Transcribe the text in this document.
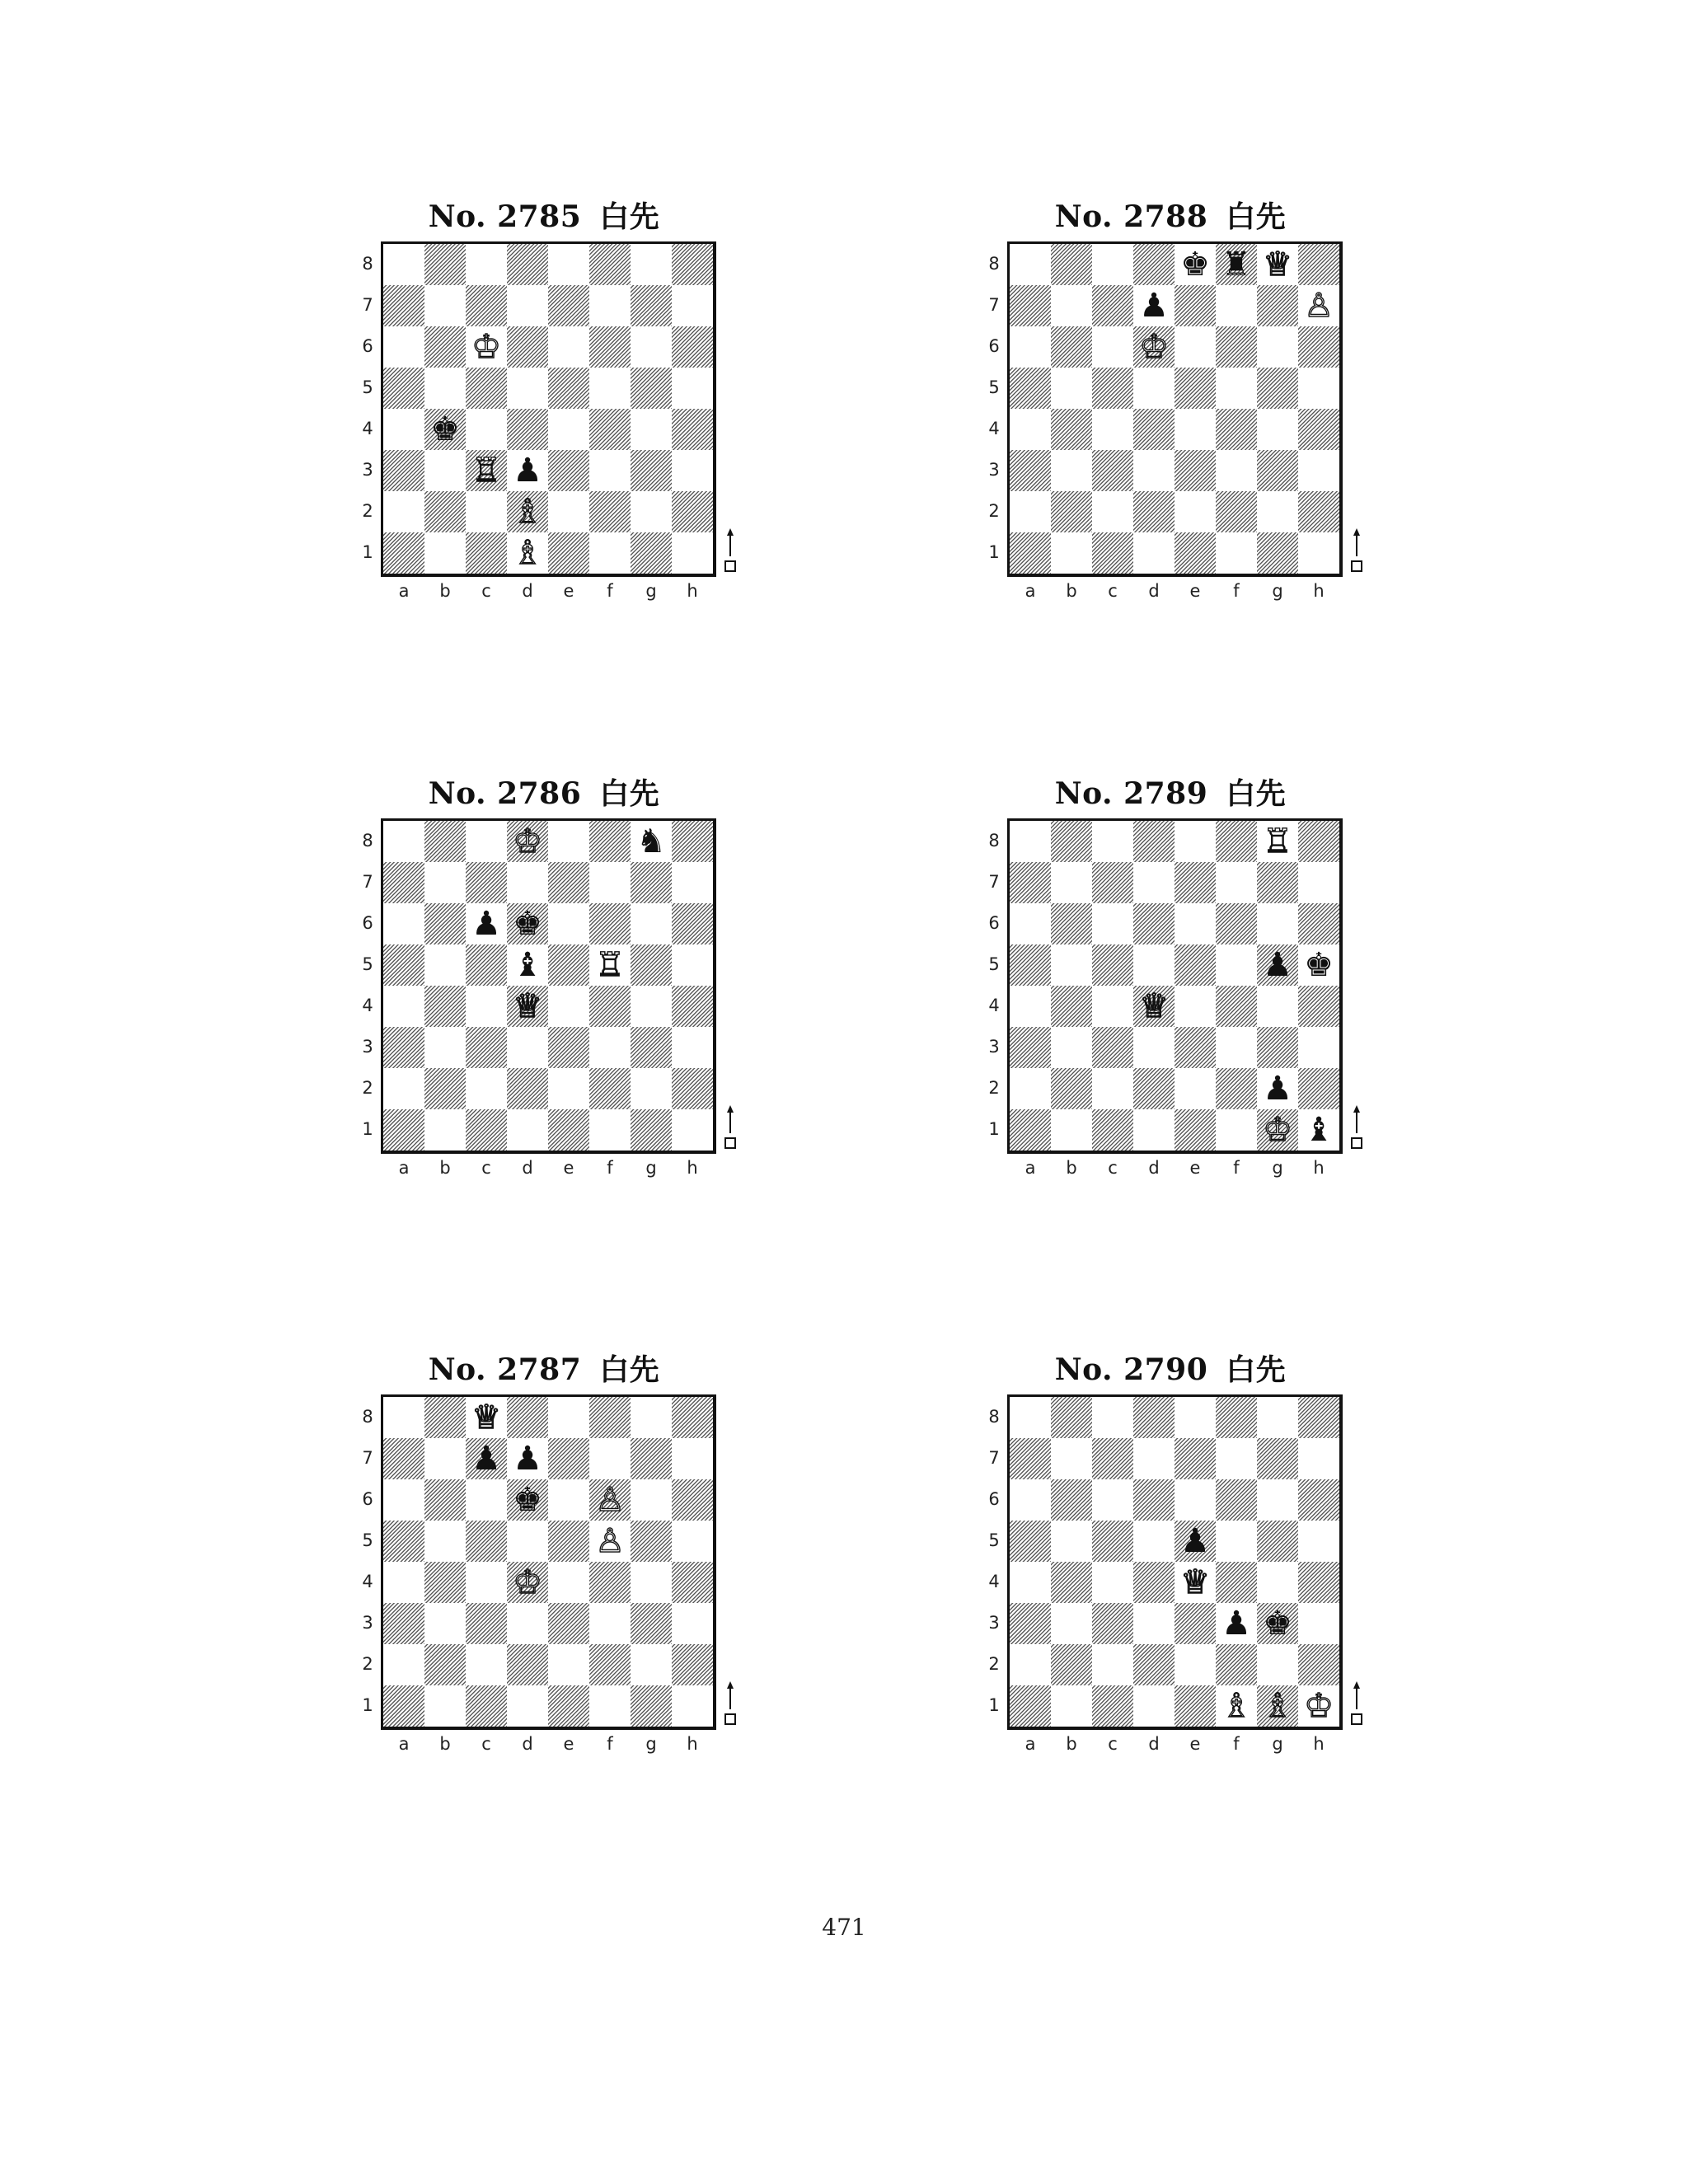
No. 2785 白先
♔
♚
♖ ♟
♗
♗
8
7
6
5
4
3
2
1
a	b	c	d	e	f	g	h
No. 2786 白先
♔	♞
♟ ♚
♝ ♖
♕
8
7
6
5
4
3
2
1
a	b	c	d	e	f	g	h
No. 2787 白先
♕
♟ ♟
♚ ♙
♙
♔
8
7
6
5
4
3
2
1
a	b	c	d	e	f	g	h
No. 2788 白先
♚ ♜ ♕
♟	♙
♔
8
7
6
5
4
3
2
1
a	b	c	d	e	f	g	h
No. 2789 白先
♖
♟ ♚
♕
♟
♔ ♝
8
7
6
5
4
3
2
1
a	b	c	d	e	f	g	h
No. 2790 白先
♟
♕
♟ ♚
♗ ♗ ♔
8
7
6
5
4
3
2
1
a	b	c	d	e	f	g	h
471
